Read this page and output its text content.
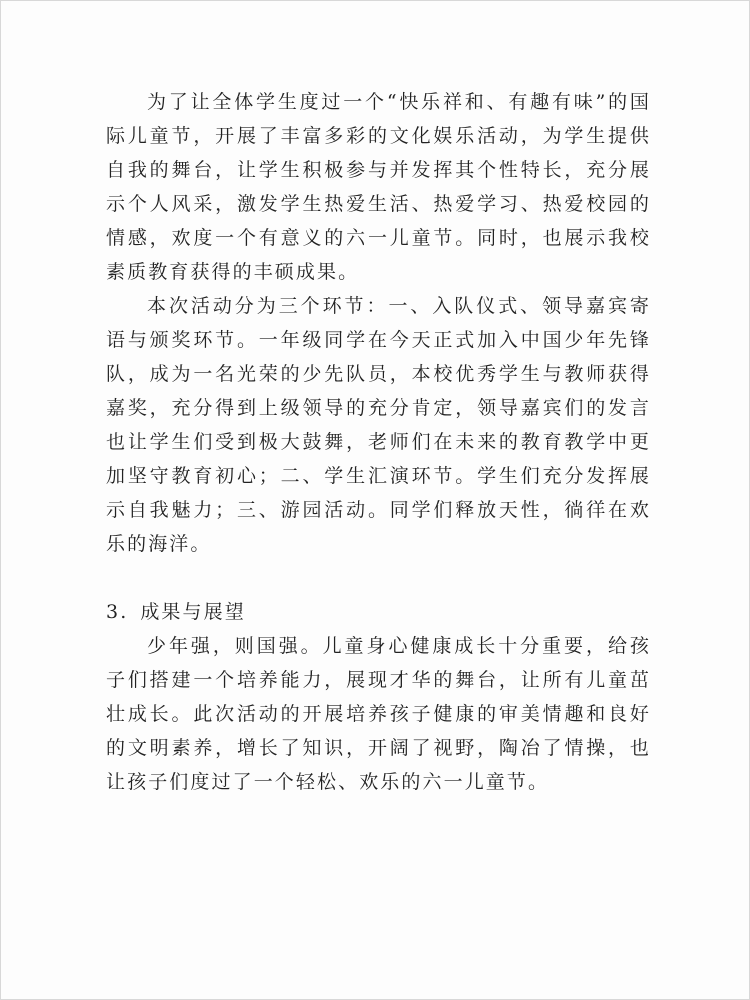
为了让全体学生度过一个“快乐祥和、有趣有味”的国际儿童节，开展了丰富多彩的文化娱乐活动，为学生提供自我的舞台，让学生积极参与并发挥其个性特长，充分展示个人风采，激发学生热爱生活、热爱学习、热爱校园的情感，欢度一个有意义的六一儿童节。同时，也展示我校素质教育获得的丰硕成果。

本次活动分为三个环节：一、入队仪式、领导嘉宾寄语与颁奖环节。一年级同学在今天正式加入中国少年先锋队，成为一名光荣的少先队员，本校优秀学生与教师获得嘉奖，充分得到上级领导的充分肯定，领导嘉宾们的发言也让学生们受到极大鼓舞，老师们在未来的教育教学中更加坚守教育初心；二、学生汇演环节。学生们充分发挥展示自我魅力；三、游园活动。同学们释放天性，徜徉在欢乐的海洋。

3. 成果与展望

少年强，则国强。儿童身心健康成长十分重要，给孩子们搭建一个培养能力，展现才华的舞台，让所有儿童茁壮成长。此次活动的开展培养孩子健康的审美情趣和良好的文明素养，增长了知识，开阔了视野，陶冶了情操，也让孩子们度过了一个轻松、欢乐的六一儿童节。
